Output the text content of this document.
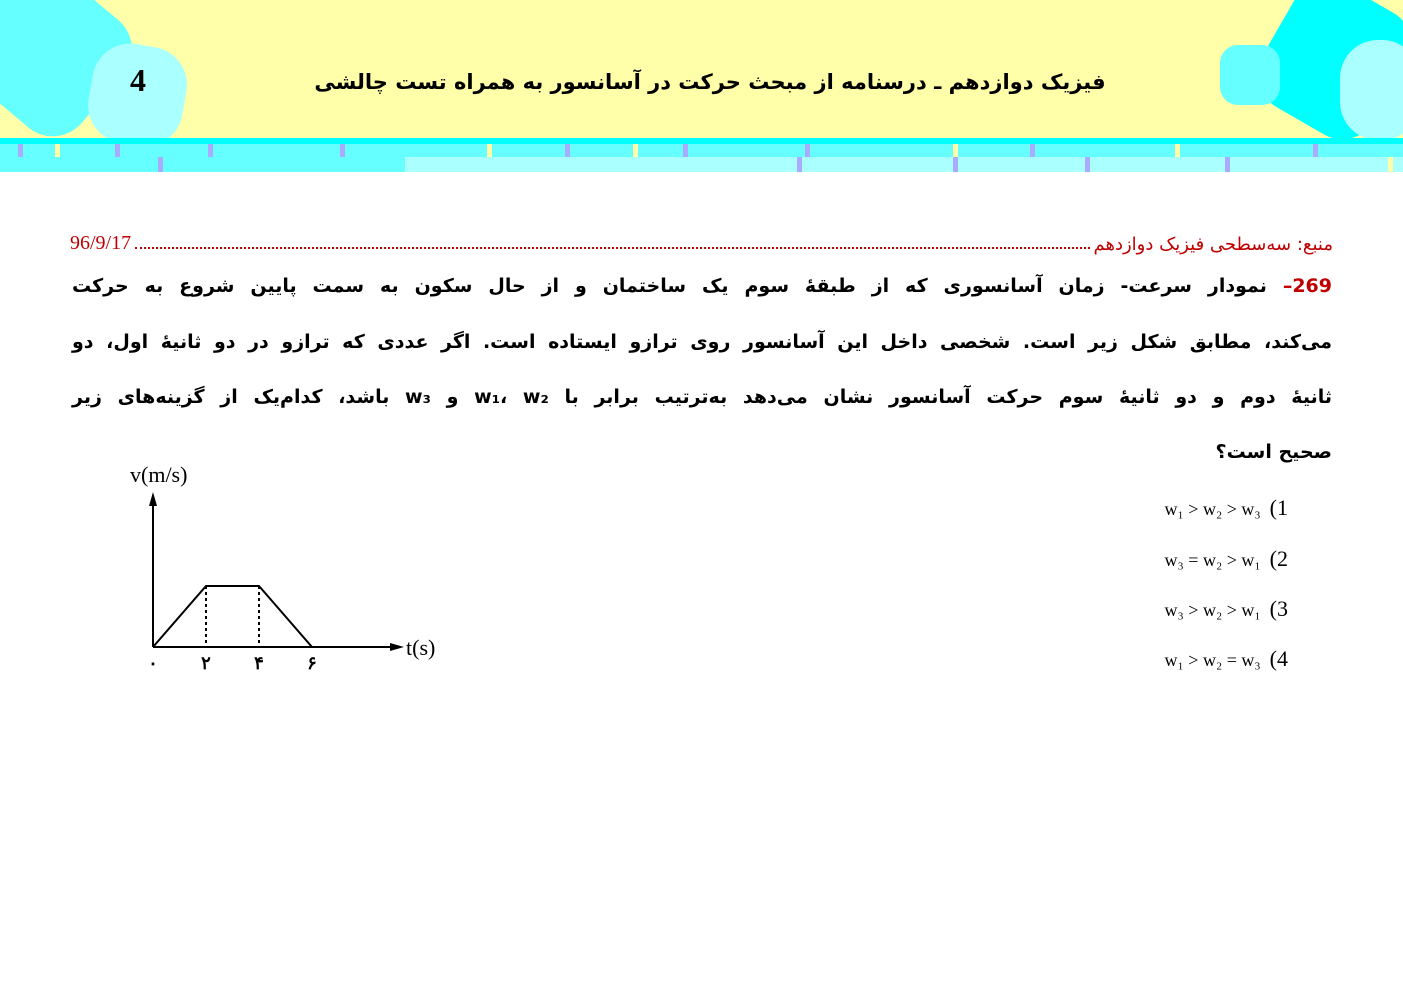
4	فیزیک دوازدهم ـ درسنامه از مبحث حرکت در آسانسور به همراه تست چالشی
منبع: سه‌سطحی فیزیک دوازدهم
96/9/17
269– نمودار سرعت- زمان آسانسوری که از طبقهٔ سوم یک ساختمان و از حال سکون به سمت پایین شروع به حرکت
می‌کند، مطابق شکل زیر است. شخصی داخل این آسانسور روی ترازو ایستاده است. اگر عددی که ترازو در دو ثانیهٔ اول، دو
ثانیهٔ دوم و دو ثانیهٔ سوم حرکت آسانسور نشان می‌دهد به‌ترتیب برابر با w₁، w₂ و w₃ باشد، کدام‌یک از گزینه‌های زیر
صحیح است؟
w₁ > w₂ > w₃ (1
w₃ = w₂ > w₁ (2
w₃ > w₂ > w₁ (3
w₁ > w₂ = w₃ (4
v(m/s)
t(s)
۰ ۲ ۴ ۶
